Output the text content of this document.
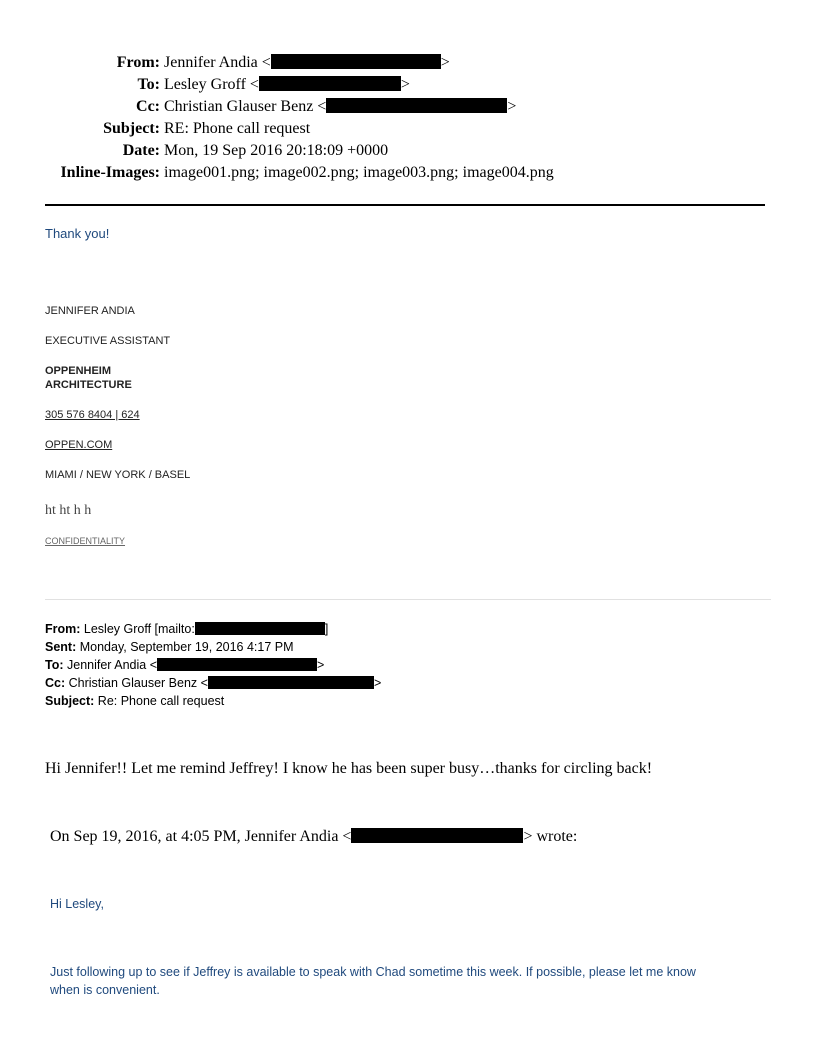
From: Jennifer Andia <	>
To: Lesley Groff <	>
Cc: Christian Glauser Benz <	>
Subject: RE: Phone call request
Date: Mon, 19 Sep 2016 20:18:09 +0000
Inline-Images: image001.png; image002.png; image003.png; image004.png
Thank you!
JENNIFER ANDIA
EXECUTIVE ASSISTANT
OPPENHEIM
ARCHITECTURE
305 576 8404 | 624
OPPEN.COM
MIAMI / NEW YORK / BASEL
ht ht h h
CONFIDENTIALITY
From: Lesley Groff [mailto:	]
Sent: Monday, September 19, 2016 4:17 PM
To: Jennifer Andia <	>
Cc: Christian Glauser Benz <	>
Subject: Re: Phone call request
Hi Jennifer!! Let me remind Jeffrey! I know he has been super busy…thanks for circling back!
On Sep 19, 2016, at 4:05 PM, Jennifer Andia <	> wrote:
Hi Lesley,
Just following up to see if Jeffrey is available to speak with Chad sometime this week. If possible, please let me know
when is convenient.
